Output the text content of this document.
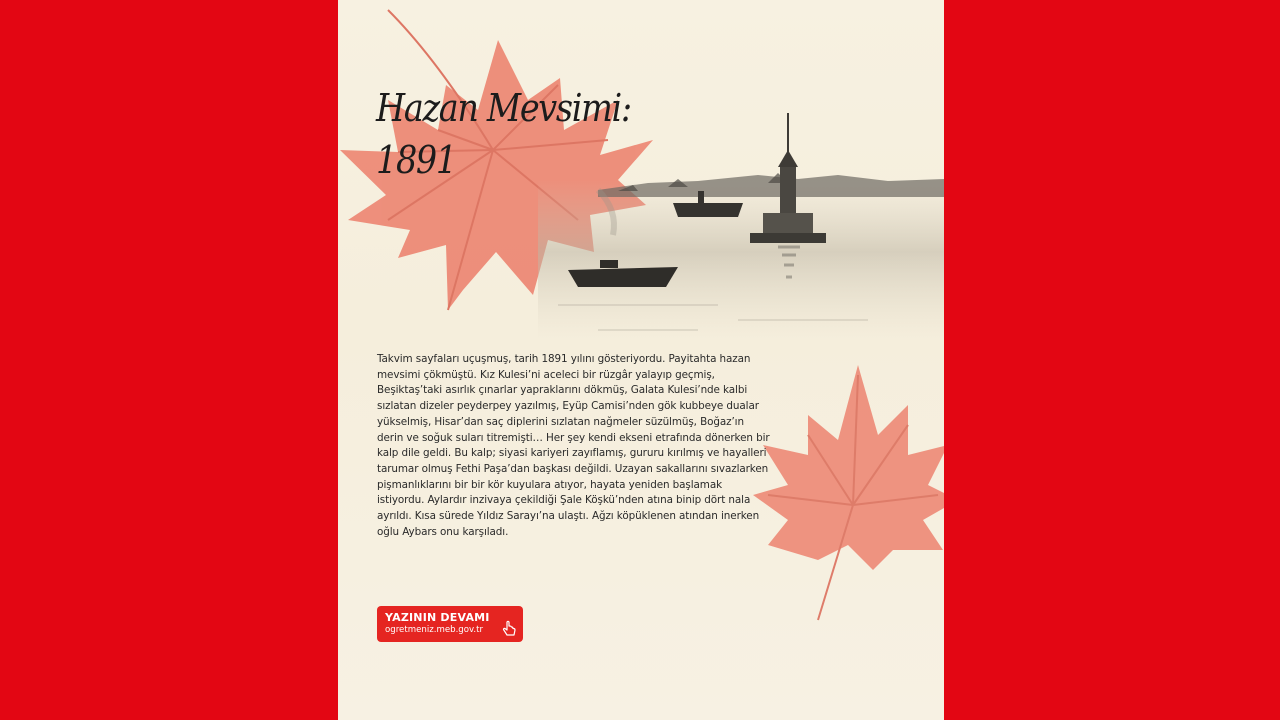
Hazan Mevsimi:
1891

Takvim sayfaları uçuşmuş, tarih 1891 yılını gösteriyordu. Payitahta hazan mevsimi çökmüştü. Kız Kulesi’ni aceleci bir rüzgâr yalayıp geçmiş, Beşiktaş’taki asırlık çınarlar yapraklarını dökmüş, Galata Kulesi’nde kalbi sızlatan dizeler peyderpey yazılmış, Eyüp Camisi’nden gök kubbeye dualar yükselmiş, Hisar’dan saç diplerini sızlatan nağmeler süzülmüş, Boğaz’ın derin ve soğuk suları titremişti… Her şey kendi ekseni etrafında dönerken bir kalp dile geldi. Bu kalp; siyasi kariyeri zayıflamış, gururu kırılmış ve hayalleri tarumar olmuş Fethi Paşa’dan başkası değildi. Uzayan sakallarını sıvazlarken pişmanlıklarını bir bir kör kuyulara atıyor, hayata yeniden başlamak istiyordu. Aylardır inzivaya çekildiği Şale Köşkü’nden atına binip dört nala ayrıldı. Kısa sürede Yıldız Sarayı’na ulaştı. Ağzı köpüklenen atından inerken oğlu Aybars onu karşıladı.

YAZININ DEVAMI
ogretmeniz.meb.gov.tr
